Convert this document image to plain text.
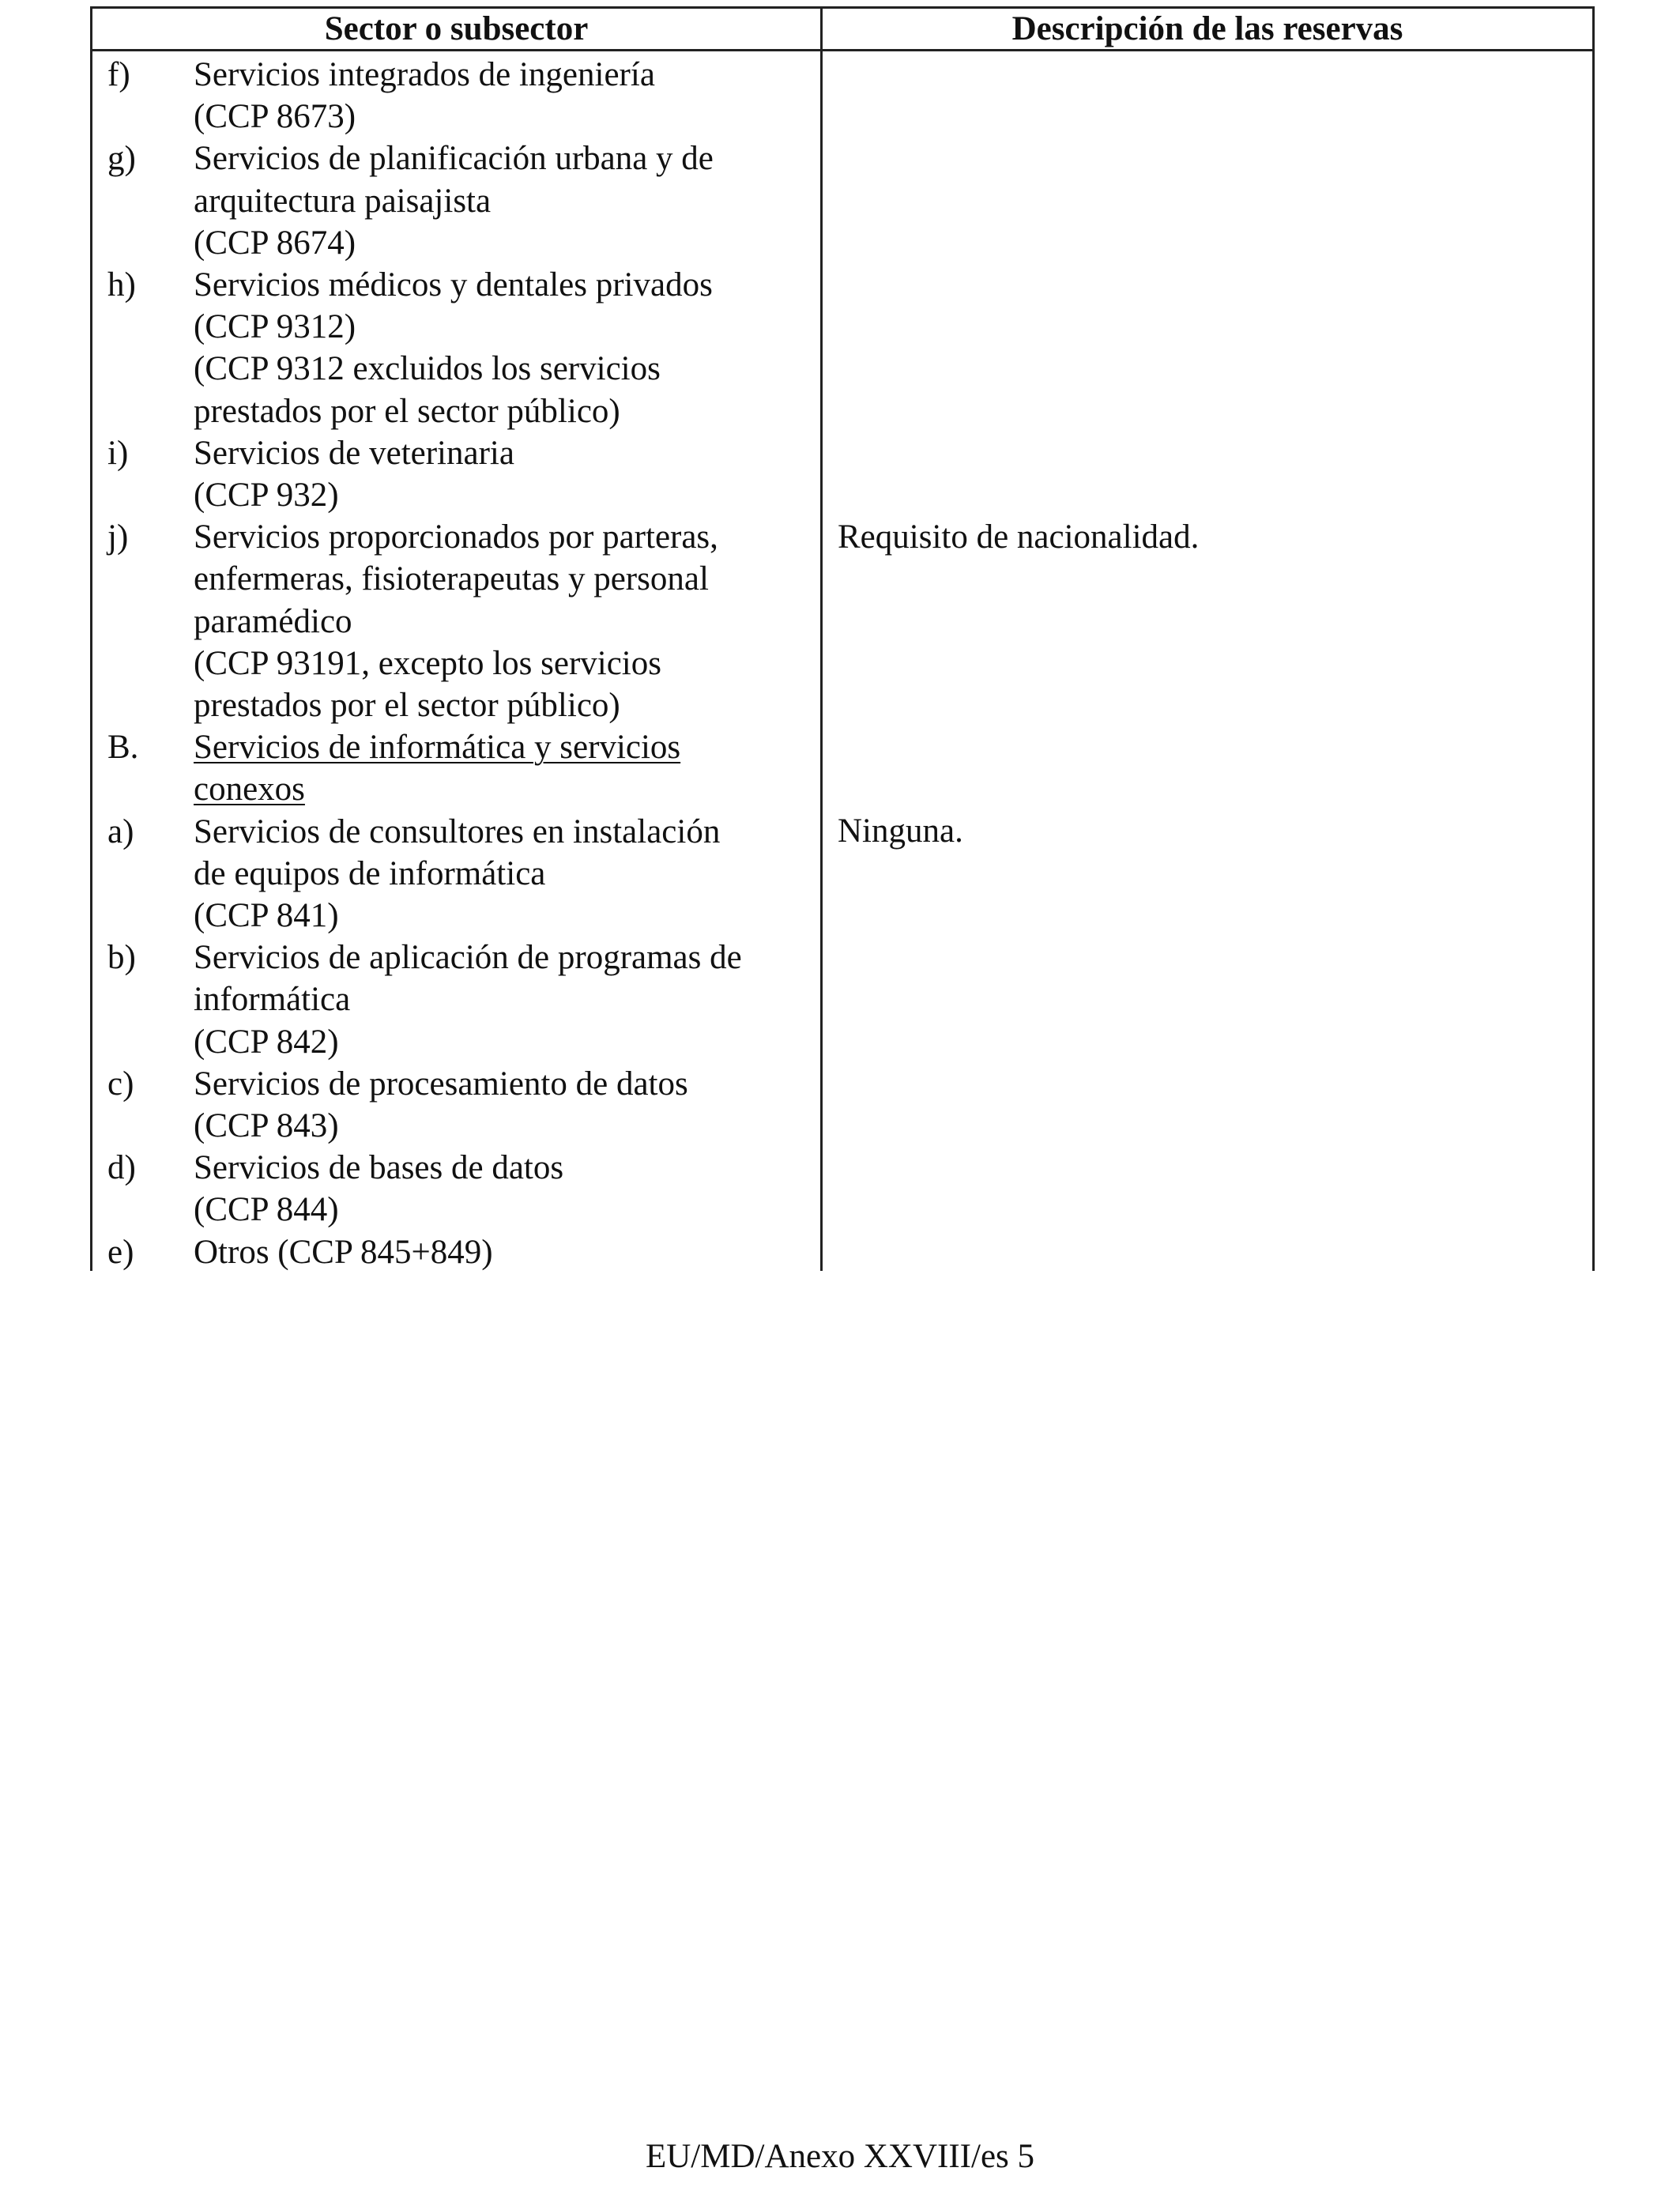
Sector o subsector	Descripción de las reservas
f) Servicios integrados de ingeniería
(CCP 8673)
g) Servicios de planificación urbana y de
arquitectura paisajista
(CCP 8674)
h) Servicios médicos y dentales privados
(CCP 9312)
(CCP 9312 excluidos los servicios
prestados por el sector público)
i) Servicios de veterinaria
(CCP 932)
j) Servicios proporcionados por parteras,
enfermeras, fisioterapeutas y personal
paramédico
(CCP 93191, excepto los servicios
prestados por el sector público)
B. Servicios de informática y servicios
conexos
a) Servicios de consultores en instalación
de equipos de informática
(CCP 841)
b) Servicios de aplicación de programas de
informática
(CCP 842)
c) Servicios de procesamiento de datos
(CCP 843)
d) Servicios de bases de datos
(CCP 844)
e) Otros (CCP 845+849)
Requisito de nacionalidad.
Ninguna.
EU/MD/Anexo XXVIII/es 5
